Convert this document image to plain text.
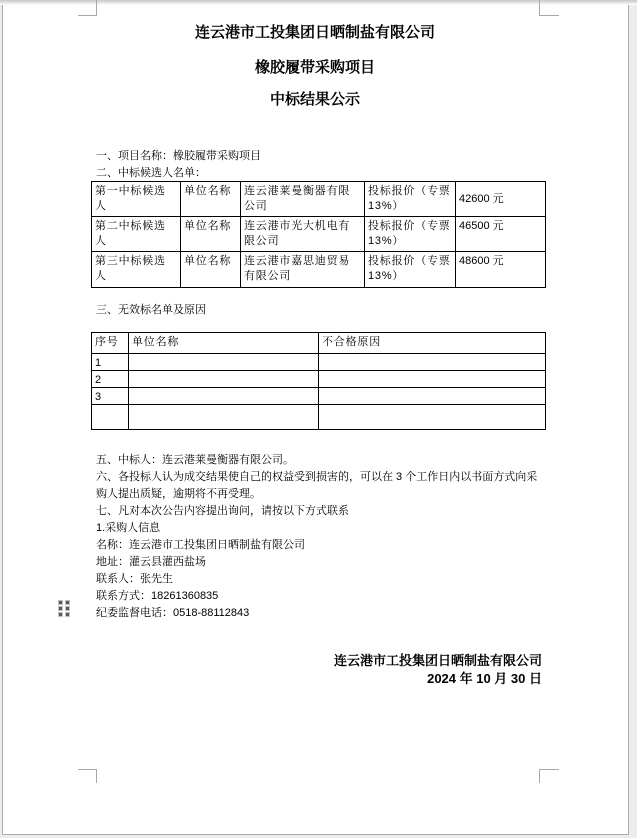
连云港市工投集团日晒制盐有限公司
橡胶履带采购项目
中标结果公示
一、项目名称：橡胶履带采购项目
二、中标候选人名单：
第一中标候选人	单位名称	连云港莱曼衡器有限公司	投标报价（专票13%）	42600 元
第二中标候选人	单位名称	连云港市光大机电有限公司	投标报价（专票13%）	46500 元
第三中标候选人	单位名称	连云港市嘉思迪贸易有限公司	投标报价（专票13%）	48600 元
三、无效标名单及原因
序号	单位名称	不合格原因
1		
2		
3		

五、中标人：连云港莱曼衡器有限公司。
六、各投标人认为成交结果使自己的权益受到损害的，可以在 3 个工作日内以书面方式向采购人提出质疑，逾期将不再受理。
七、凡对本次公告内容提出询问，请按以下方式联系
1.采购人信息
名称：连云港市工投集团日晒制盐有限公司
地址：灌云县灌西盐场
联系人：张先生
联系方式：18261360835
纪委监督电话：0518-88112843
连云港市工投集团日晒制盐有限公司
2024 年 10 月 30 日
